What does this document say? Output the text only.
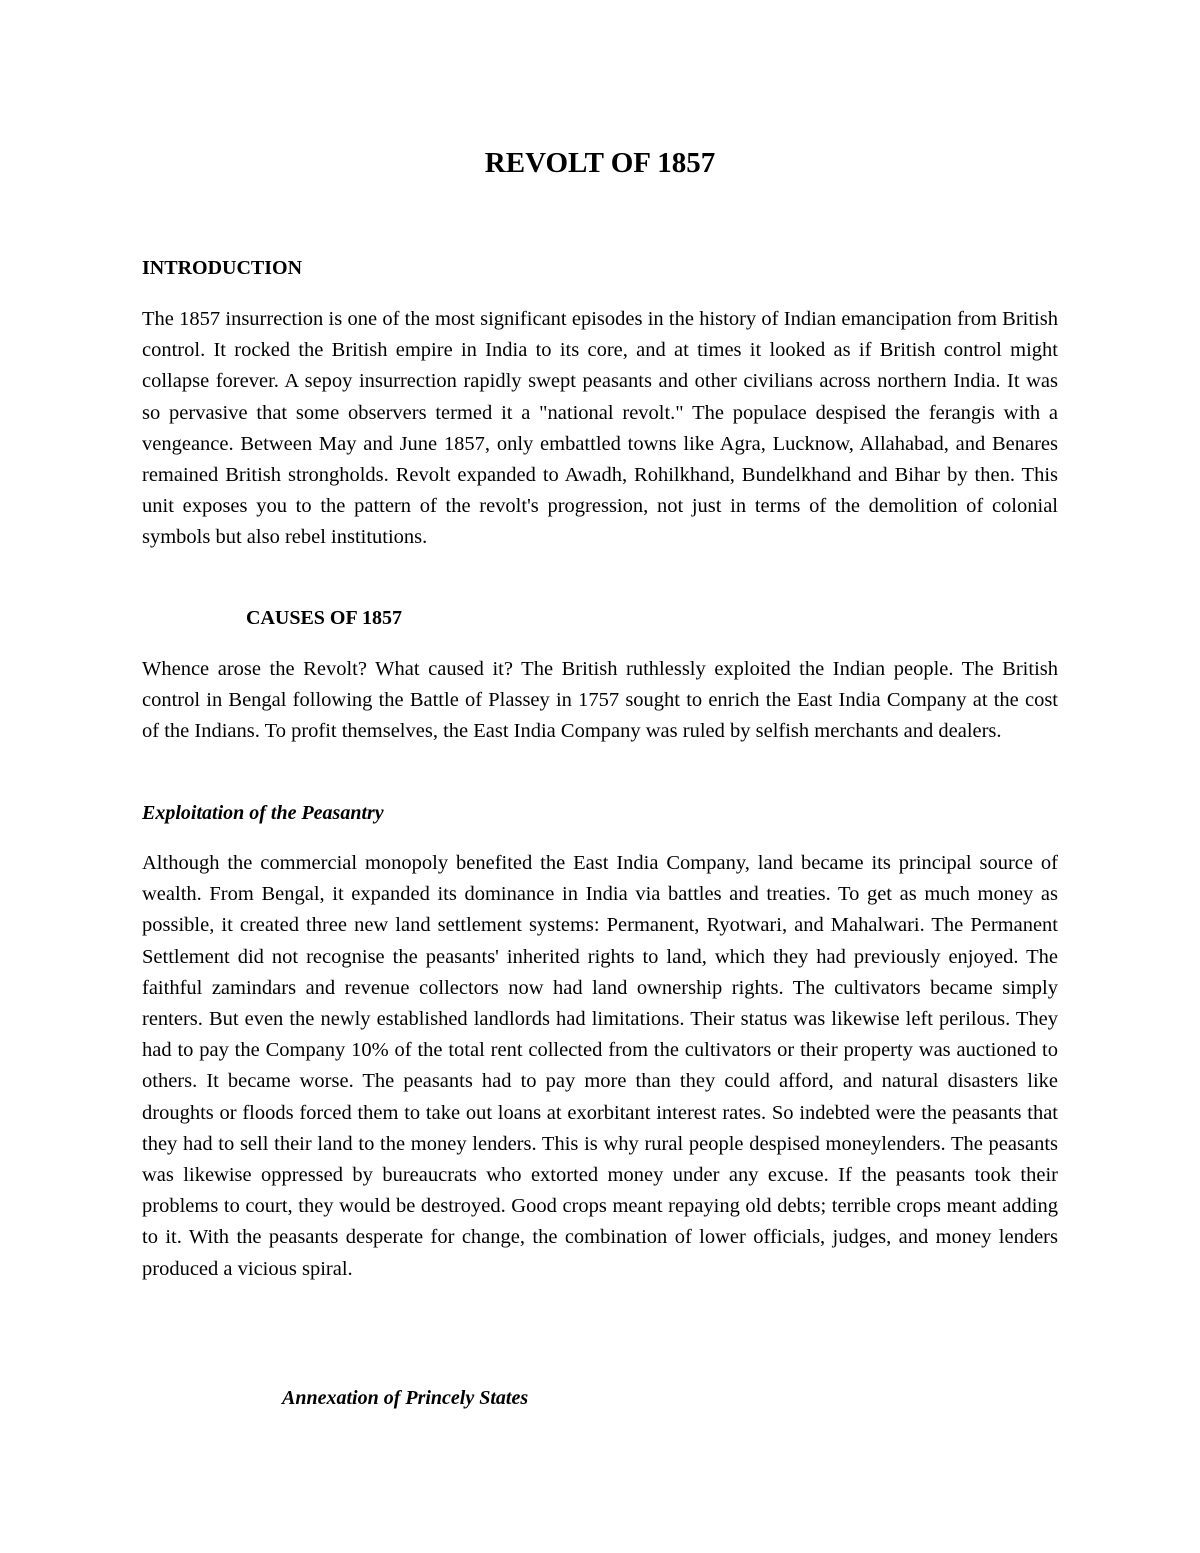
REVOLT OF 1857
INTRODUCTION

The 1857 insurrection is one of the most significant episodes in the history of Indian emancipation from British control. It rocked the British empire in India to its core, and at times it looked as if British control might collapse forever. A sepoy insurrection rapidly swept peasants and other civilians across northern India. It was so pervasive that some observers termed it a "national revolt." The populace despised the ferangis with a vengeance. Between May and June 1857, only embattled towns like Agra, Lucknow, Allahabad, and Benares remained British strongholds. Revolt expanded to Awadh, Rohilkhand, Bundelkhand and Bihar by then. This unit exposes you to the pattern of the revolt's progression, not just in terms of the demolition of colonial symbols but also rebel institutions.

CAUSES OF 1857

Whence arose the Revolt? What caused it? The British ruthlessly exploited the Indian people. The British control in Bengal following the Battle of Plassey in 1757 sought to enrich the East India Company at the cost of the Indians. To profit themselves, the East India Company was ruled by selfish merchants and dealers.

Exploitation of the Peasantry

Although the commercial monopoly benefited the East India Company, land became its principal source of wealth. From Bengal, it expanded its dominance in India via battles and treaties. To get as much money as possible, it created three new land settlement systems: Permanent, Ryotwari, and Mahalwari. The Permanent Settlement did not recognise the peasants' inherited rights to land, which they had previously enjoyed. The faithful zamindars and revenue collectors now had land ownership rights. The cultivators became simply renters. But even the newly established landlords had limitations. Their status was likewise left perilous. They had to pay the Company 10% of the total rent collected from the cultivators or their property was auctioned to others. It became worse. The peasants had to pay more than they could afford, and natural disasters like droughts or floods forced them to take out loans at exorbitant interest rates. So indebted were the peasants that they had to sell their land to the money lenders. This is why rural people despised moneylenders. The peasants was likewise oppressed by bureaucrats who extorted money under any excuse. If the peasants took their problems to court, they would be destroyed. Good crops meant repaying old debts; terrible crops meant adding to it. With the peasants desperate for change, the combination of lower officials, judges, and money lenders produced a vicious spiral.

Annexation of Princely States
